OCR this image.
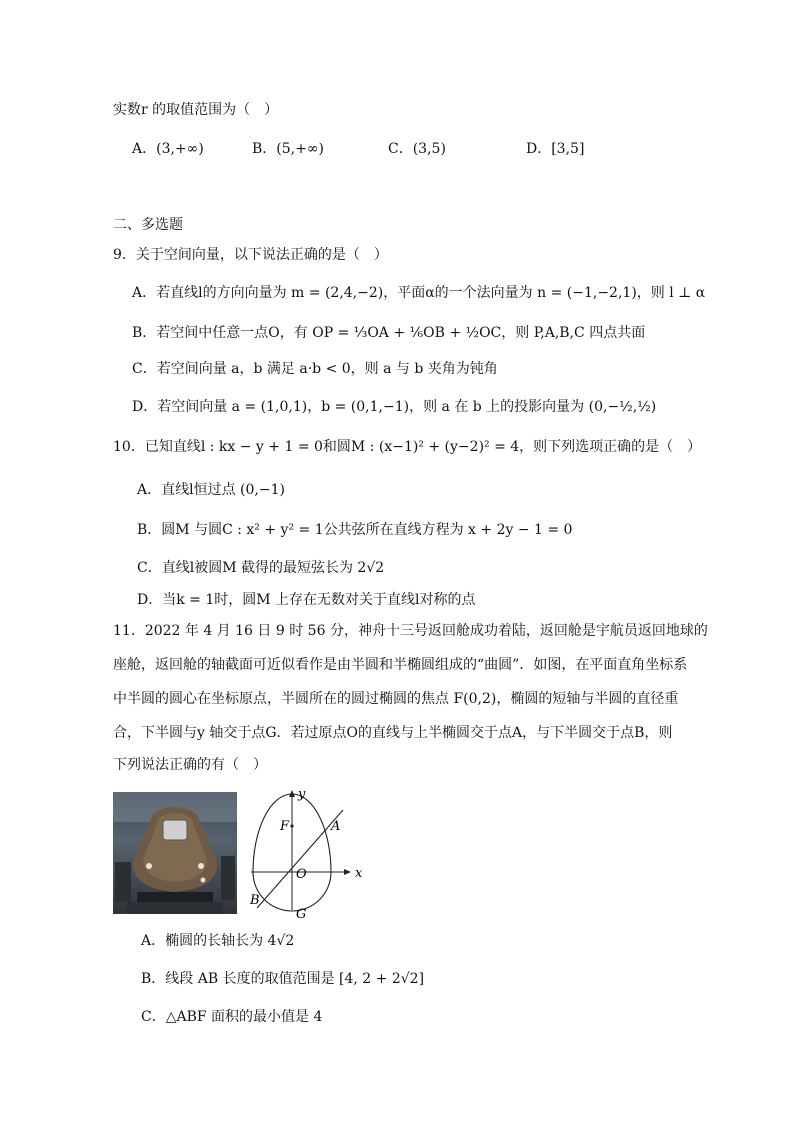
实数r 的取值范围为（　）
A．(3,+∞)	B．(5,+∞)	C．(3,5)	D．[3,5]
二、多选题
9．关于空间向量，以下说法正确的是（　）
A．若直线l的方向向量为 m = (2,4,−2)，平面α的一个法向量为 n = (−1,−2,1)，则 l ⊥ α
B．若空间中任意一点O，有 OP = ⅓OA + ⅙OB + ½OC，则 P,A,B,C 四点共面
C．若空间向量 a，b 满足 a·b < 0，则 a 与 b 夹角为钝角
D．若空间向量 a = (1,0,1)，b = (0,1,−1)，则 a 在 b 上的投影向量为 (0,−½,½)
10．已知直线l : kx − y + 1 = 0和圆M : (x−1)² + (y−2)² = 4，则下列选项正确的是（　）
A．直线l恒过点 (0,−1)
B．圆M 与圆C : x² + y² = 1公共弦所在直线方程为 x + 2y − 1 = 0
C．直线l被圆M 截得的最短弦长为 2√2
D．当k = 1时，圆M 上存在无数对关于直线l对称的点
11．2022 年 4 月 16 日 9 时 56 分，神舟十三号返回舱成功着陆，返回舱是宇航员返回地球的
座舱，返回舱的轴截面可近似看作是由半圆和半椭圆组成的“曲圆”．如图，在平面直角坐标系
中半圆的圆心在坐标原点，半圆所在的圆过椭圆的焦点 F(0,2)，椭圆的短轴与半圆的直径重
合，下半圆与y 轴交于点G．若过原点O的直线与上半椭圆交于点A，与下半圆交于点B，则
下列说法正确的有（　）
y
x
F	A
O
B
G
A．椭圆的长轴长为 4√2
B．线段 AB 长度的取值范围是 [4, 2 + 2√2]
C．△ABF 面积的最小值是 4
